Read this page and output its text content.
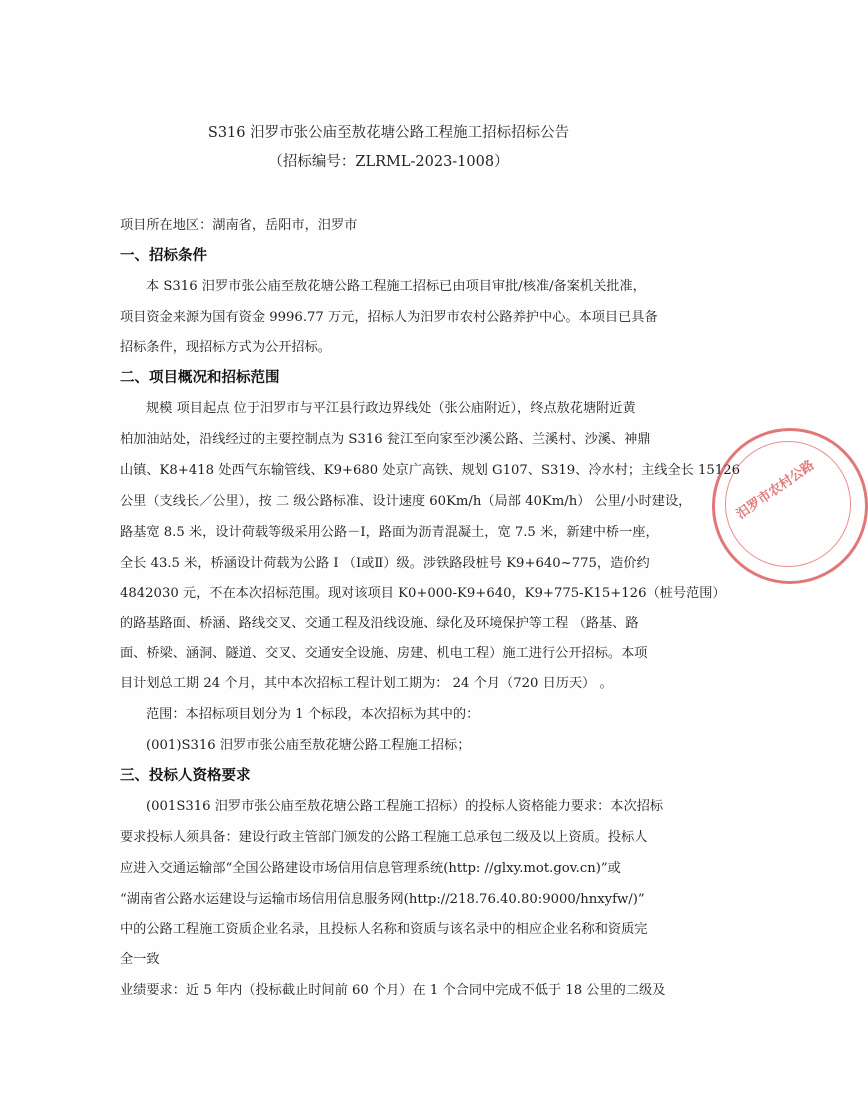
S316 汨罗市张公庙至敖花塘公路工程施工招标招标公告
（招标编号：ZLRML-2023-1008）
项目所在地区：湖南省，岳阳市，汨罗市
一、招标条件
本 S316 汨罗市张公庙至敖花塘公路工程施工招标已由项目审批/核准/备案机关批准，
项目资金来源为国有资金 9996.77 万元，招标人为汨罗市农村公路养护中心。本项目已具备
招标条件，现招标方式为公开招标。
二、项目概况和招标范围
规模 项目起点 位于汨罗市与平江县行政边界线处（张公庙附近），终点敖花塘附近黄
柏加油站处，沿线经过的主要控制点为 S316 瓮江至向家至沙溪公路、兰溪村、沙溪、神鼎
山镇、K8+418 处西气东输管线、K9+680 处京广高铁、规划 G107、S319、冷水村；主线全长 15126
公里（支线长／公里），按 二 级公路标准、设计速度 60Km/h（局部 40Km/h） 公里/小时建设，
路基宽 8.5 米，设计荷载等级采用公路－Ⅰ，路面为沥青混凝土，宽 7.5 米，新建中桥一座，
全长 43.5 米，桥涵设计荷载为公路 Ⅰ （Ⅰ或Ⅱ）级。涉铁路段桩号 K9+640~775，造价约
4842030 元，不在本次招标范围。现对该项目 K0+000-K9+640，K9+775-K15+126（桩号范围）
的路基路面、桥涵、路线交叉、交通工程及沿线设施、绿化及环境保护等工程 （路基、路
面、桥梁、涵洞、隧道、交叉、交通安全设施、房建、机电工程）施工进行公开招标。本项
目计划总工期 24 个月，其中本次招标工程计划工期为： 24 个月（720 日历天） 。
范围：本招标项目划分为 1 个标段，本次招标为其中的：
(001)S316 汨罗市张公庙至敖花塘公路工程施工招标；
三、投标人资格要求
(001S316 汨罗市张公庙至敖花塘公路工程施工招标）的投标人资格能力要求：本次招标
要求投标人须具备：建设行政主管部门颁发的公路工程施工总承包二级及以上资质。投标人
应进入交通运输部“全国公路建设市场信用信息管理系统(http: //glxy.mot.gov.cn)”或
“湖南省公路水运建设与运输市场信用信息服务网(http://218.76.40.80:9000/hnxyfw/)”
中的公路工程施工资质企业名录，且投标人名称和资质与该名录中的相应企业名称和资质完
全一致
业绩要求：近 5 年内（投标截止时间前 60 个月）在 1 个合同中完成不低于 18 公里的二级及
汨罗市农村公路
